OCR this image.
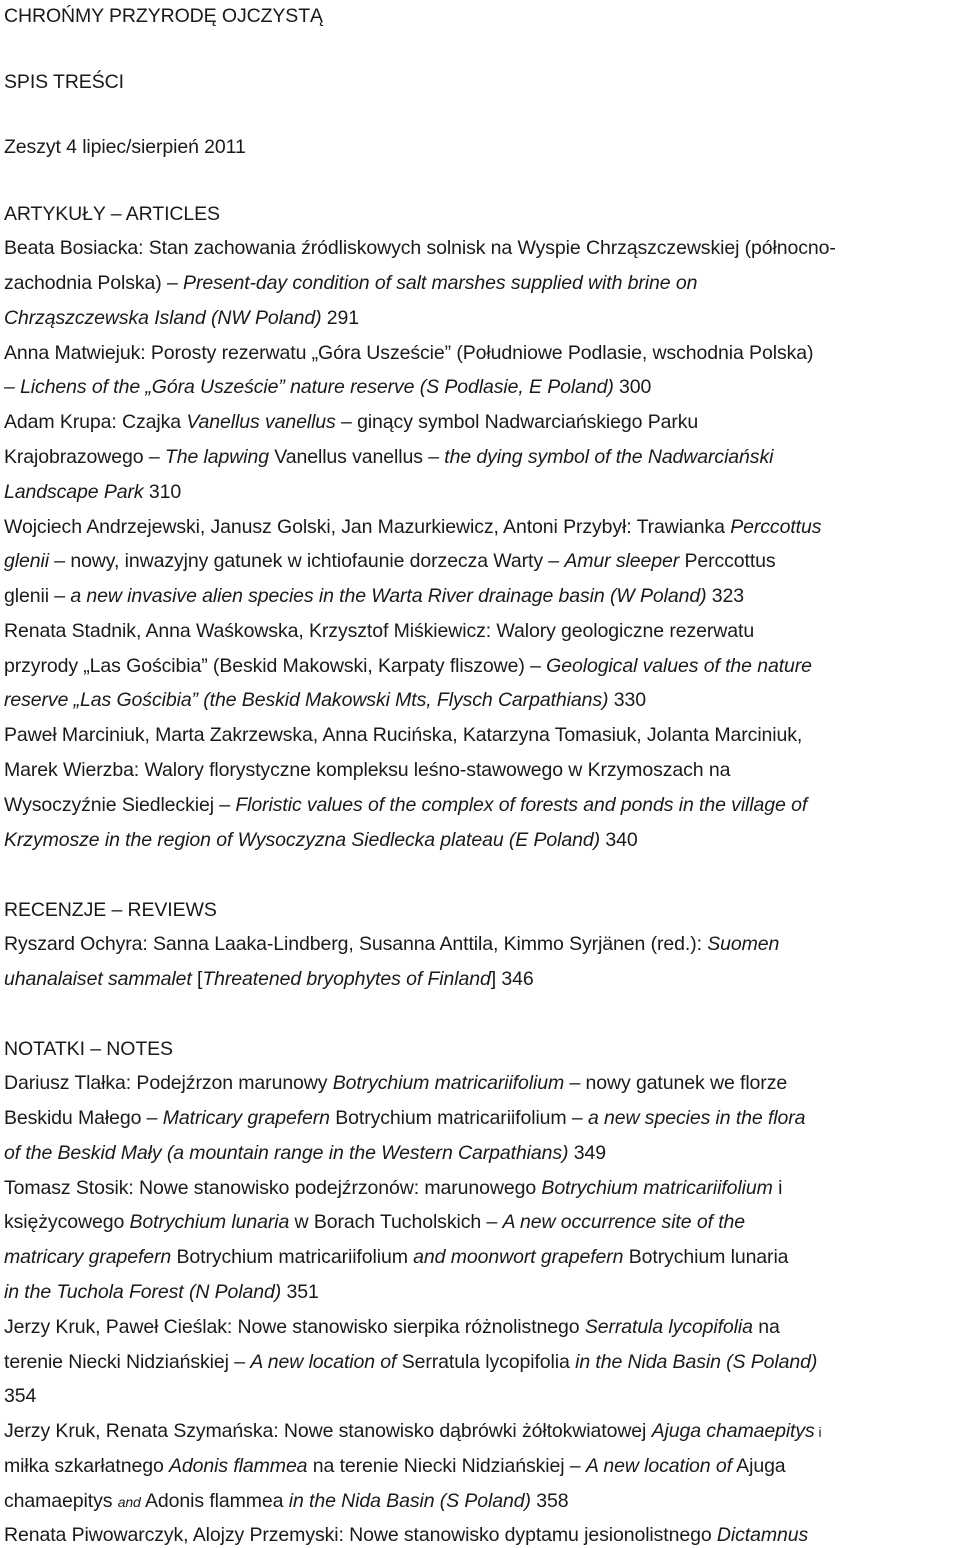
CHROŃMY PRZYRODĘ OJCZYSTĄ
SPIS TREŚCI
Zeszyt 4 lipiec/sierpień 2011
ARTYKUŁY – ARTICLES
Beata Bosiacka: Stan zachowania źródliskowych solnisk na Wyspie Chrząszczewskiej (północno-
zachodnia Polska) – Present-day condition of salt marshes supplied with brine on
Chrząszczewska Island (NW Poland) 291
Anna Matwiejuk: Porosty rezerwatu „Góra Uszeście” (Południowe Podlasie, wschodnia Polska)
– Lichens of the „Góra Uszeście” nature reserve (S Podlasie, E Poland) 300
Adam Krupa: Czajka Vanellus vanellus – ginący symbol Nadwarciańskiego Parku
Krajobrazowego – The lapwing Vanellus vanellus – the dying symbol of the Nadwarciański
Landscape Park 310
Wojciech Andrzejewski, Janusz Golski, Jan Mazurkiewicz, Antoni Przybył: Trawianka Perccottus
glenii – nowy, inwazyjny gatunek w ichtiofaunie dorzecza Warty – Amur sleeper Perccottus
glenii – a new invasive alien species in the Warta River drainage basin (W Poland) 323
Renata Stadnik, Anna Waśkowska, Krzysztof Miśkiewicz: Walory geologiczne rezerwatu
przyrody „Las Gościbia” (Beskid Makowski, Karpaty fliszowe) – Geological values of the nature
reserve „Las Gościbia” (the Beskid Makowski Mts, Flysch Carpathians) 330
Paweł Marciniuk, Marta Zakrzewska, Anna Rucińska, Katarzyna Tomasiuk, Jolanta Marciniuk,
Marek Wierzba: Walory florystyczne kompleksu leśno-stawowego w Krzymoszach na
Wysoczyźnie Siedleckiej – Floristic values of the complex of forests and ponds in the village of
Krzymosze in the region of Wysoczyzna Siedlecka plateau (E Poland) 340
RECENZJE – REVIEWS
Ryszard Ochyra: Sanna Laaka-Lindberg, Susanna Anttila, Kimmo Syrjänen (red.): Suomen
uhanalaiset sammalet [Threatened bryophytes of Finland] 346
NOTATKI – NOTES
Dariusz Tlałka: Podejźrzon marunowy Botrychium matricariifolium – nowy gatunek we florze
Beskidu Małego – Matricary grapefern Botrychium matricariifolium – a new species in the flora
of the Beskid Mały (a mountain range in the Western Carpathians) 349
Tomasz Stosik: Nowe stanowisko podejźrzonów: marunowego Botrychium matricariifolium i
księżycowego Botrychium lunaria w Borach Tucholskich – A new occurrence site of the
matricary grapefern Botrychium matricariifolium and moonwort grapefern Botrychium lunaria
in the Tuchola Forest (N Poland) 351
Jerzy Kruk, Paweł Cieślak: Nowe stanowisko sierpika różnolistnego Serratula lycopifolia na
terenie Niecki Nidziańskiej – A new location of Serratula lycopifolia in the Nida Basin (S Poland)
354
Jerzy Kruk, Renata Szymańska: Nowe stanowisko dąbrówki żółtokwiatowej Ajuga chamaepitys i
miłka szkarłatnego Adonis flammea na terenie Niecki Nidziańskiej – A new location of Ajuga
chamaepitys and Adonis flammea in the Nida Basin (S Poland) 358
Renata Piwowarczyk, Alojzy Przemyski: Nowe stanowisko dyptamu jesionolistnego Dictamnus
